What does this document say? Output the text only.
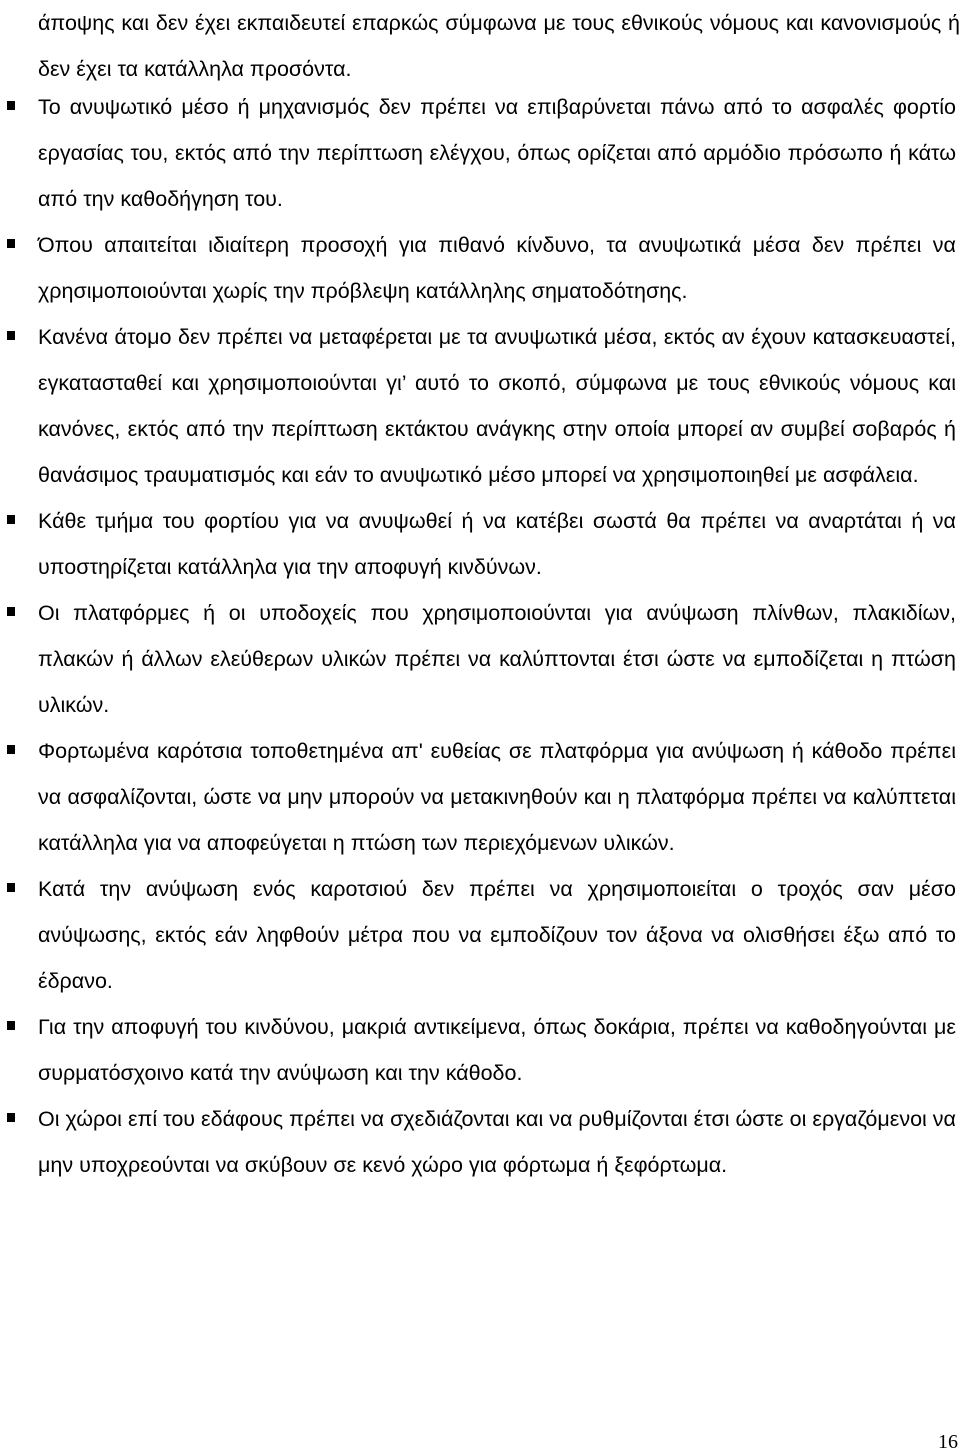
άποψης και δεν έχει εκπαιδευτεί επαρκώς σύμφωνα με τους εθνικούς νόμους και κανονισμούς ή δεν έχει τα κατάλληλα προσόντα.

Το ανυψωτικό μέσο ή μηχανισμός δεν πρέπει να επιβαρύνεται πάνω από το ασφαλές φορτίο εργασίας του, εκτός από την περίπτωση ελέγχου, όπως ορίζεται από αρμόδιο πρόσωπο ή κάτω από την καθοδήγηση του.
Όπου απαιτείται ιδιαίτερη προσοχή για πιθανό κίνδυνο, τα ανυψωτικά μέσα δεν πρέπει να χρησιμοποιούνται χωρίς την πρόβλεψη κατάλληλης σηματοδότησης.
Κανένα άτομο δεν πρέπει να μεταφέρεται με τα ανυψωτικά μέσα, εκτός αν έχουν κατασκευαστεί, εγκατασταθεί και χρησιμοποιούνται γι’ αυτό το σκοπό, σύμφωνα με τους εθνικούς νόμους και κανόνες, εκτός από την περίπτωση εκτάκτου ανάγκης στην οποία μπορεί αν συμβεί σοβαρός ή θανάσιμος τραυματισμός και εάν το ανυψωτικό μέσο μπορεί να χρησιμοποιηθεί με ασφάλεια.
Κάθε τμήμα του φορτίου για να ανυψωθεί ή να κατέβει σωστά θα πρέπει να αναρτάται ή να υποστηρίζεται κατάλληλα για την αποφυγή κινδύνων.
Οι πλατφόρμες ή οι υποδοχείς που χρησιμοποιούνται για ανύψωση πλίνθων, πλακιδίων, πλακών ή άλλων ελεύθερων υλικών πρέπει να καλύπτονται έτσι ώστε να εμποδίζεται η πτώση υλικών.
Φορτωμένα καρότσια τοποθετημένα απ' ευθείας σε πλατφόρμα για ανύψωση ή κάθοδο πρέπει να ασφαλίζονται, ώστε να μην μπορούν να μετακινηθούν και η πλατφόρμα πρέπει να καλύπτεται κατάλληλα για να αποφεύγεται η πτώση των περιεχόμενων υλικών.
Κατά την ανύψωση ενός καροτσιού δεν πρέπει να χρησιμοποιείται ο τροχός σαν μέσο ανύψωσης, εκτός εάν ληφθούν μέτρα που να εμποδίζουν τον άξονα να ολισθήσει έξω από το έδρανο.
Για την αποφυγή του κινδύνου, μακριά αντικείμενα, όπως δοκάρια, πρέπει να καθοδηγούνται με συρματόσχοινο κατά την ανύψωση και την κάθοδο.
Οι χώροι επί του εδάφους πρέπει να σχεδιάζονται και να ρυθμίζονται έτσι ώστε οι εργαζόμενοι να μην υποχρεούνται να σκύβουν σε κενό χώρο για φόρτωμα ή ξεφόρτωμα.
16
